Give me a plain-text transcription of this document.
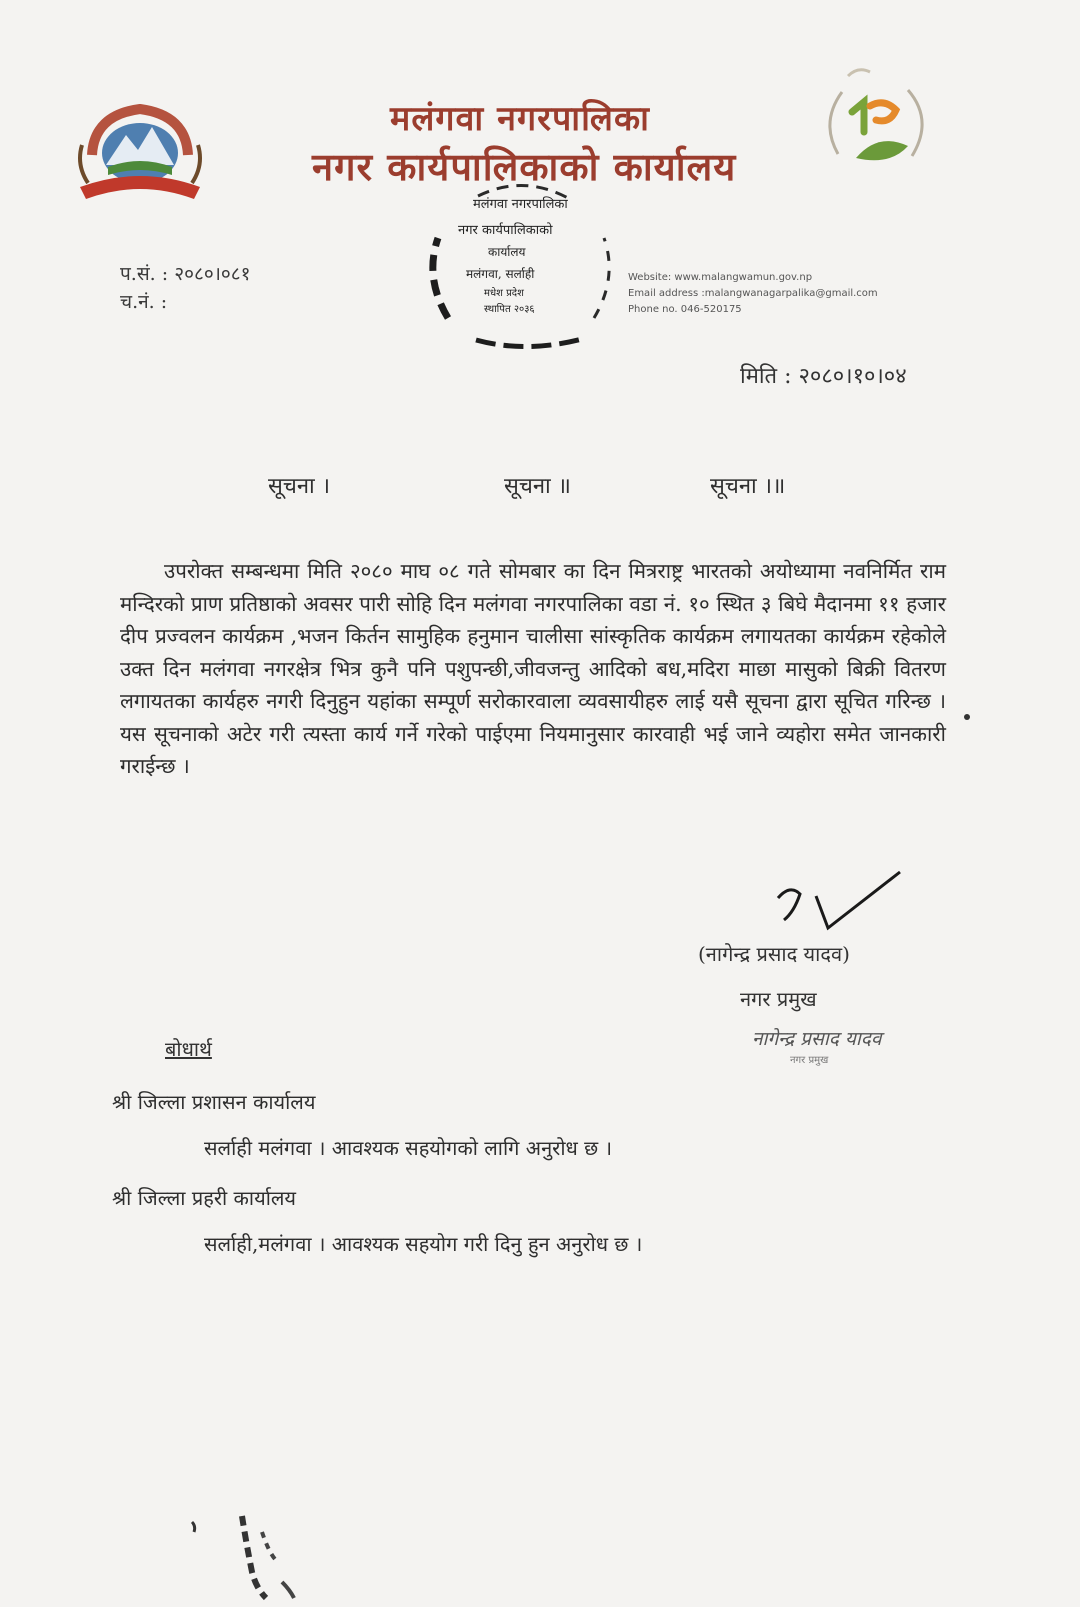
मलंगवा नगरपालिका
नगर कार्यपालिकाको कार्यालय
मलंगवा नगरपालिका
नगर कार्यपालिकाको
कार्यालय
मलंगवा, सर्लाही
मधेश प्रदेश
स्थापित २०३६
प.सं. : २०८०।०८१
च.नं. :
Website: www.malangwamun.gov.np
Email address :malangwanagarpalika@gmail.com
Phone no. 046-520175
मिति : २०८०।१०।०४
सूचना ।	सूचना ॥	सूचना ।॥
उपरोक्त सम्बन्धमा मिति २०८० माघ ०८ गते सोमबार का दिन मित्रराष्ट्र भारतको अयोध्यामा नवनिर्मित राम मन्दिरको प्राण प्रतिष्ठाको अवसर पारी सोहि दिन मलंगवा नगरपालिका वडा नं. १० स्थित ३ बिघे मैदानमा ११ हजार दीप प्रज्वलन कार्यक्रम ,भजन किर्तन सामुहिक हनुमान चालीसा सांस्कृतिक कार्यक्रम लगायतका कार्यक्रम रहेकोले उक्त दिन मलंगवा नगरक्षेत्र भित्र कुनै पनि पशुपन्छी,जीवजन्तु आदिको बध,मदिरा माछा मासुको बिक्री वितरण लगायतका कार्यहरु नगरी दिनुहुन यहांका सम्पूर्ण सरोकारवाला व्यवसायीहरु लाई यसै सूचना द्वारा सूचित गरिन्छ । यस सूचनाको अटेर गरी त्यस्ता कार्य गर्ने गरेको पाईएमा नियमानुसार कारवाही भई जाने व्यहोरा समेत जानकारी गराईन्छ ।
(नागेन्द्र प्रसाद यादव)
नगर प्रमुख
नागेन्द्र प्रसाद यादव
नगर प्रमुख
बोधार्थ
श्री जिल्ला प्रशासन कार्यालय
सर्लाही मलंगवा । आवश्यक सहयोगको लागि अनुरोध छ ।
श्री जिल्ला प्रहरी कार्यालय
सर्लाही,मलंगवा । आवश्यक सहयोग गरी दिनु हुन अनुरोध छ ।
